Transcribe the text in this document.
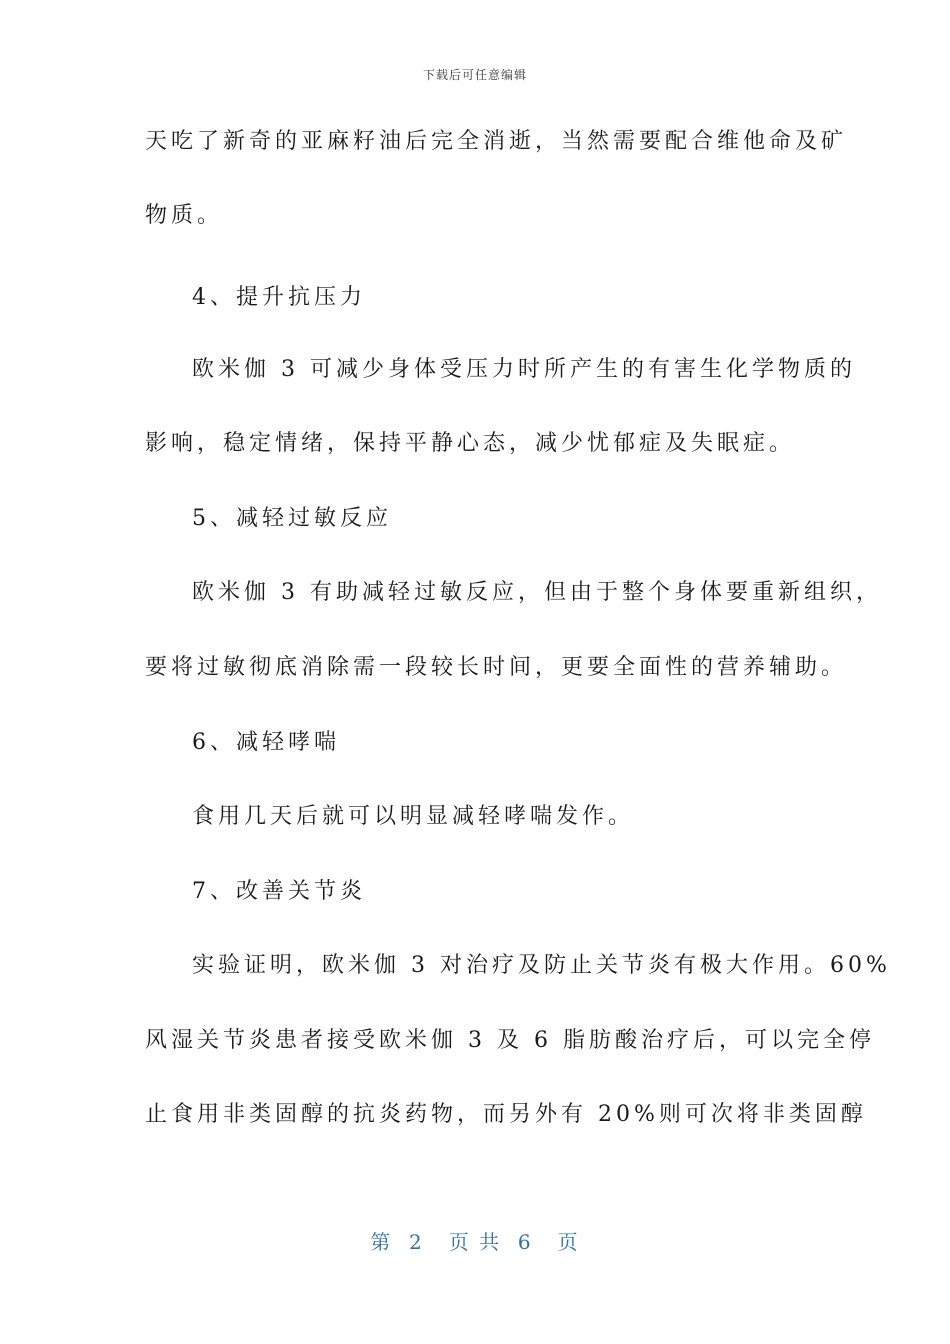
下载后可任意编辑
天吃了新奇的亚麻籽油后完全消逝，当然需要配合维他命及矿
物质。
4、提升抗压力
欧米伽 3 可减少身体受压力时所产生的有害生化学物质的
影响，稳定情绪，保持平静心态，减少忧郁症及失眠症。
5、减轻过敏反应
欧米伽 3 有助减轻过敏反应，但由于整个身体要重新组织，
要将过敏彻底消除需一段较长时间，更要全面性的营养辅助。
6、减轻哮喘
食用几天后就可以明显减轻哮喘发作。
7、改善关节炎
实验证明，欧米伽 3 对治疗及防止关节炎有极大作用。60%
风湿关节炎患者接受欧米伽 3 及 6 脂肪酸治疗后，可以完全停
止食用非类固醇的抗炎药物，而另外有 20%则可次将非类固醇
第  2   页 共  6   页
